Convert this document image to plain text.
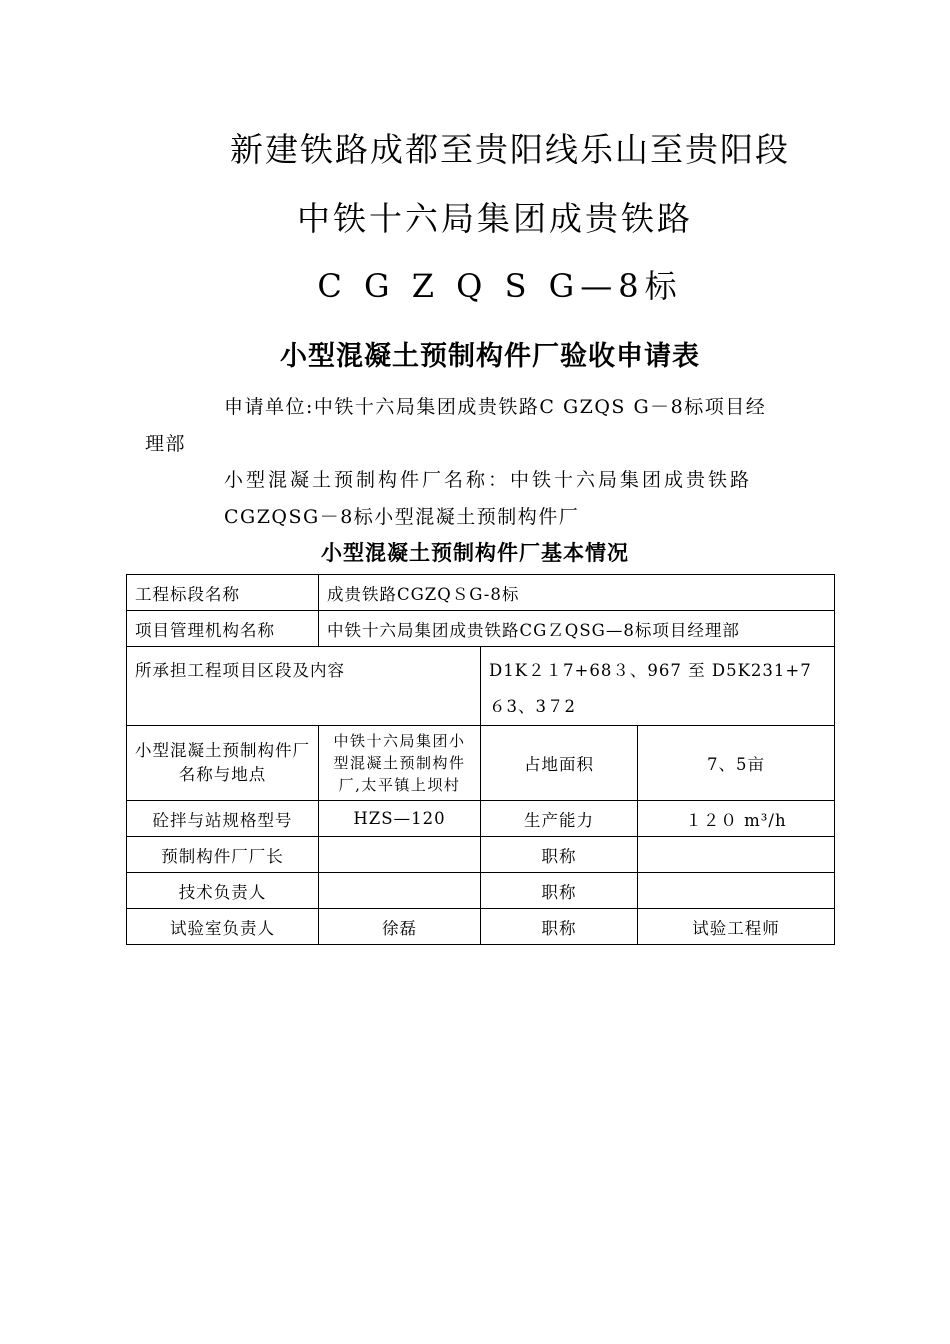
新建铁路成都至贵阳线乐山至贵阳段
中铁十六局集团成贵铁路
C G Z Q S G—8标
小型混凝土预制构件厂验收申请表
申请单位:中铁十六局集团成贵铁路C GZQS G－8标项目经
理部
小型混凝土预制构件厂名称：中铁十六局集团成贵铁路
CGZQSG－8标小型混凝土预制构件厂
小型混凝土预制构件厂基本情况
工程标段名称	成贵铁路CGZQＳG-8标		
项目管理机构名称	中铁十六局集团成贵铁路CGＺQSG—8标项目经理部		
所承担工程项目区段及内容		D1K２１7+68３、967 至 D5K231+7６3、3７2	
小型混凝土预制构件厂名称与地点	中铁十六局集团小型混凝土预制构件厂,太平镇上坝村	占地面积	7、5亩
砼拌与站规格型号	HZS—120	生产能力	１２０ m³/h
预制构件厂厂长		职称	
技术负责人		职称	
试验室负责人	徐磊	职称	试验工程师
